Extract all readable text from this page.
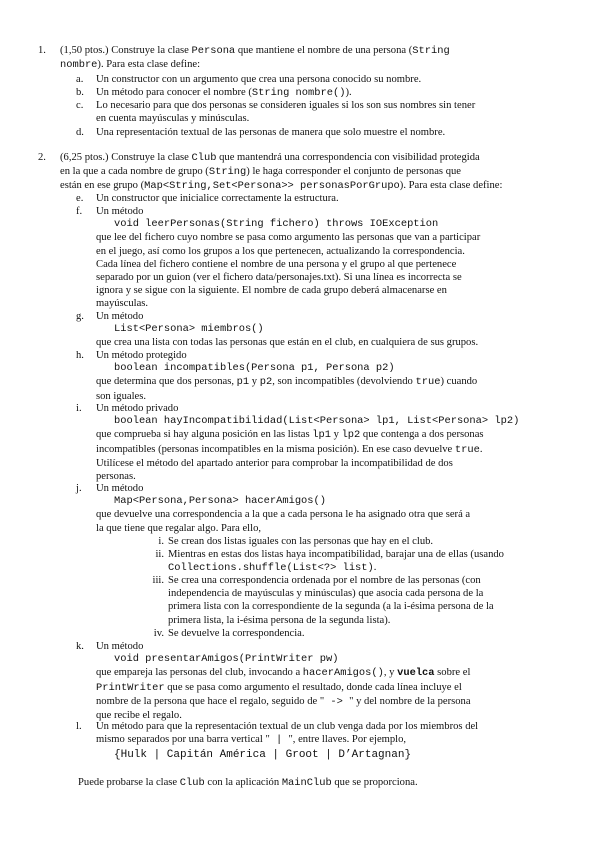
1. (1,50 ptos.) Construye la clase Persona que mantiene el nombre de una persona (String
nombre). Para esta clase define:
a. Un constructor con un argumento que crea una persona conocido su nombre.
b. Un método para conocer el nombre (String nombre()).
c. Lo necesario para que dos personas se consideren iguales si los son sus nombres sin tener
en cuenta mayúsculas y minúsculas.
d. Una representación textual de las personas de manera que solo muestre el nombre.
2. (6,25 ptos.) Construye la clase Club que mantendrá una correspondencia con visibilidad protegida
en la que a cada nombre de grupo (String) le haga corresponder el conjunto de personas que
están en ese grupo (Map<String,Set<Persona>> personasPorGrupo). Para esta clase define:
e. Un constructor que inicialice correctamente la estructura.
f. Un método
void leerPersonas(String fichero) throws IOException
que lee del fichero cuyo nombre se pasa como argumento las personas que van a participar
en el juego, así como los grupos a los que pertenecen, actualizando la correspondencia.
Cada línea del fichero contiene el nombre de una persona y el grupo al que pertenece
separado por un guion (ver el fichero data/personajes.txt). Si una línea es incorrecta se
ignora y se sigue con la siguiente. El nombre de cada grupo deberá almacenarse en
mayúsculas.
g. Un método
List<Persona> miembros()
que crea una lista con todas las personas que están en el club, en cualquiera de sus grupos.
h. Un método protegido
boolean incompatibles(Persona p1, Persona p2)
que determina que dos personas, p1 y p2, son incompatibles (devolviendo true) cuando
son iguales.
i. Un método privado
boolean hayIncompatibilidad(List<Persona> lp1, List<Persona> lp2)
que comprueba si hay alguna posición en las listas lp1 y lp2 que contenga a dos personas
incompatibles (personas incompatibles en la misma posición). En ese caso devuelve true.
Utilícese el método del apartado anterior para comprobar la incompatibilidad de dos
personas.
j. Un método
Map<Persona,Persona> hacerAmigos()
que devuelve una correspondencia a la que a cada persona le ha asignado otra que será a
la que tiene que regalar algo. Para ello,
i. Se crean dos listas iguales con las personas que hay en el club.
ii. Mientras en estas dos listas haya incompatibilidad, barajar una de ellas (usando
Collections.shuffle(List<?> list).
iii. Se crea una correspondencia ordenada por el nombre de las personas (con
independencia de mayúsculas y minúsculas) que asocia cada persona de la
primera lista con la correspondiente de la segunda (a la i-ésima persona de la
primera lista, la i-ésima persona de la segunda lista).
iv. Se devuelve la correspondencia.
k. Un método
void presentarAmigos(PrintWriter pw)
que empareja las personas del club, invocando a hacerAmigos(), y vuelca sobre el
PrintWriter que se pasa como argumento el resultado, donde cada línea incluye el
nombre de la persona que hace el regalo, seguido de " -> " y del nombre de la persona
que recibe el regalo.
l. Un método para que la representación textual de un club venga dada por los miembros del
mismo separados por una barra vertical " | ", entre llaves. Por ejemplo,
{Hulk | Capitán América | Groot | D’Artagnan}
Puede probarse la clase Club con la aplicación MainClub que se proporciona.
